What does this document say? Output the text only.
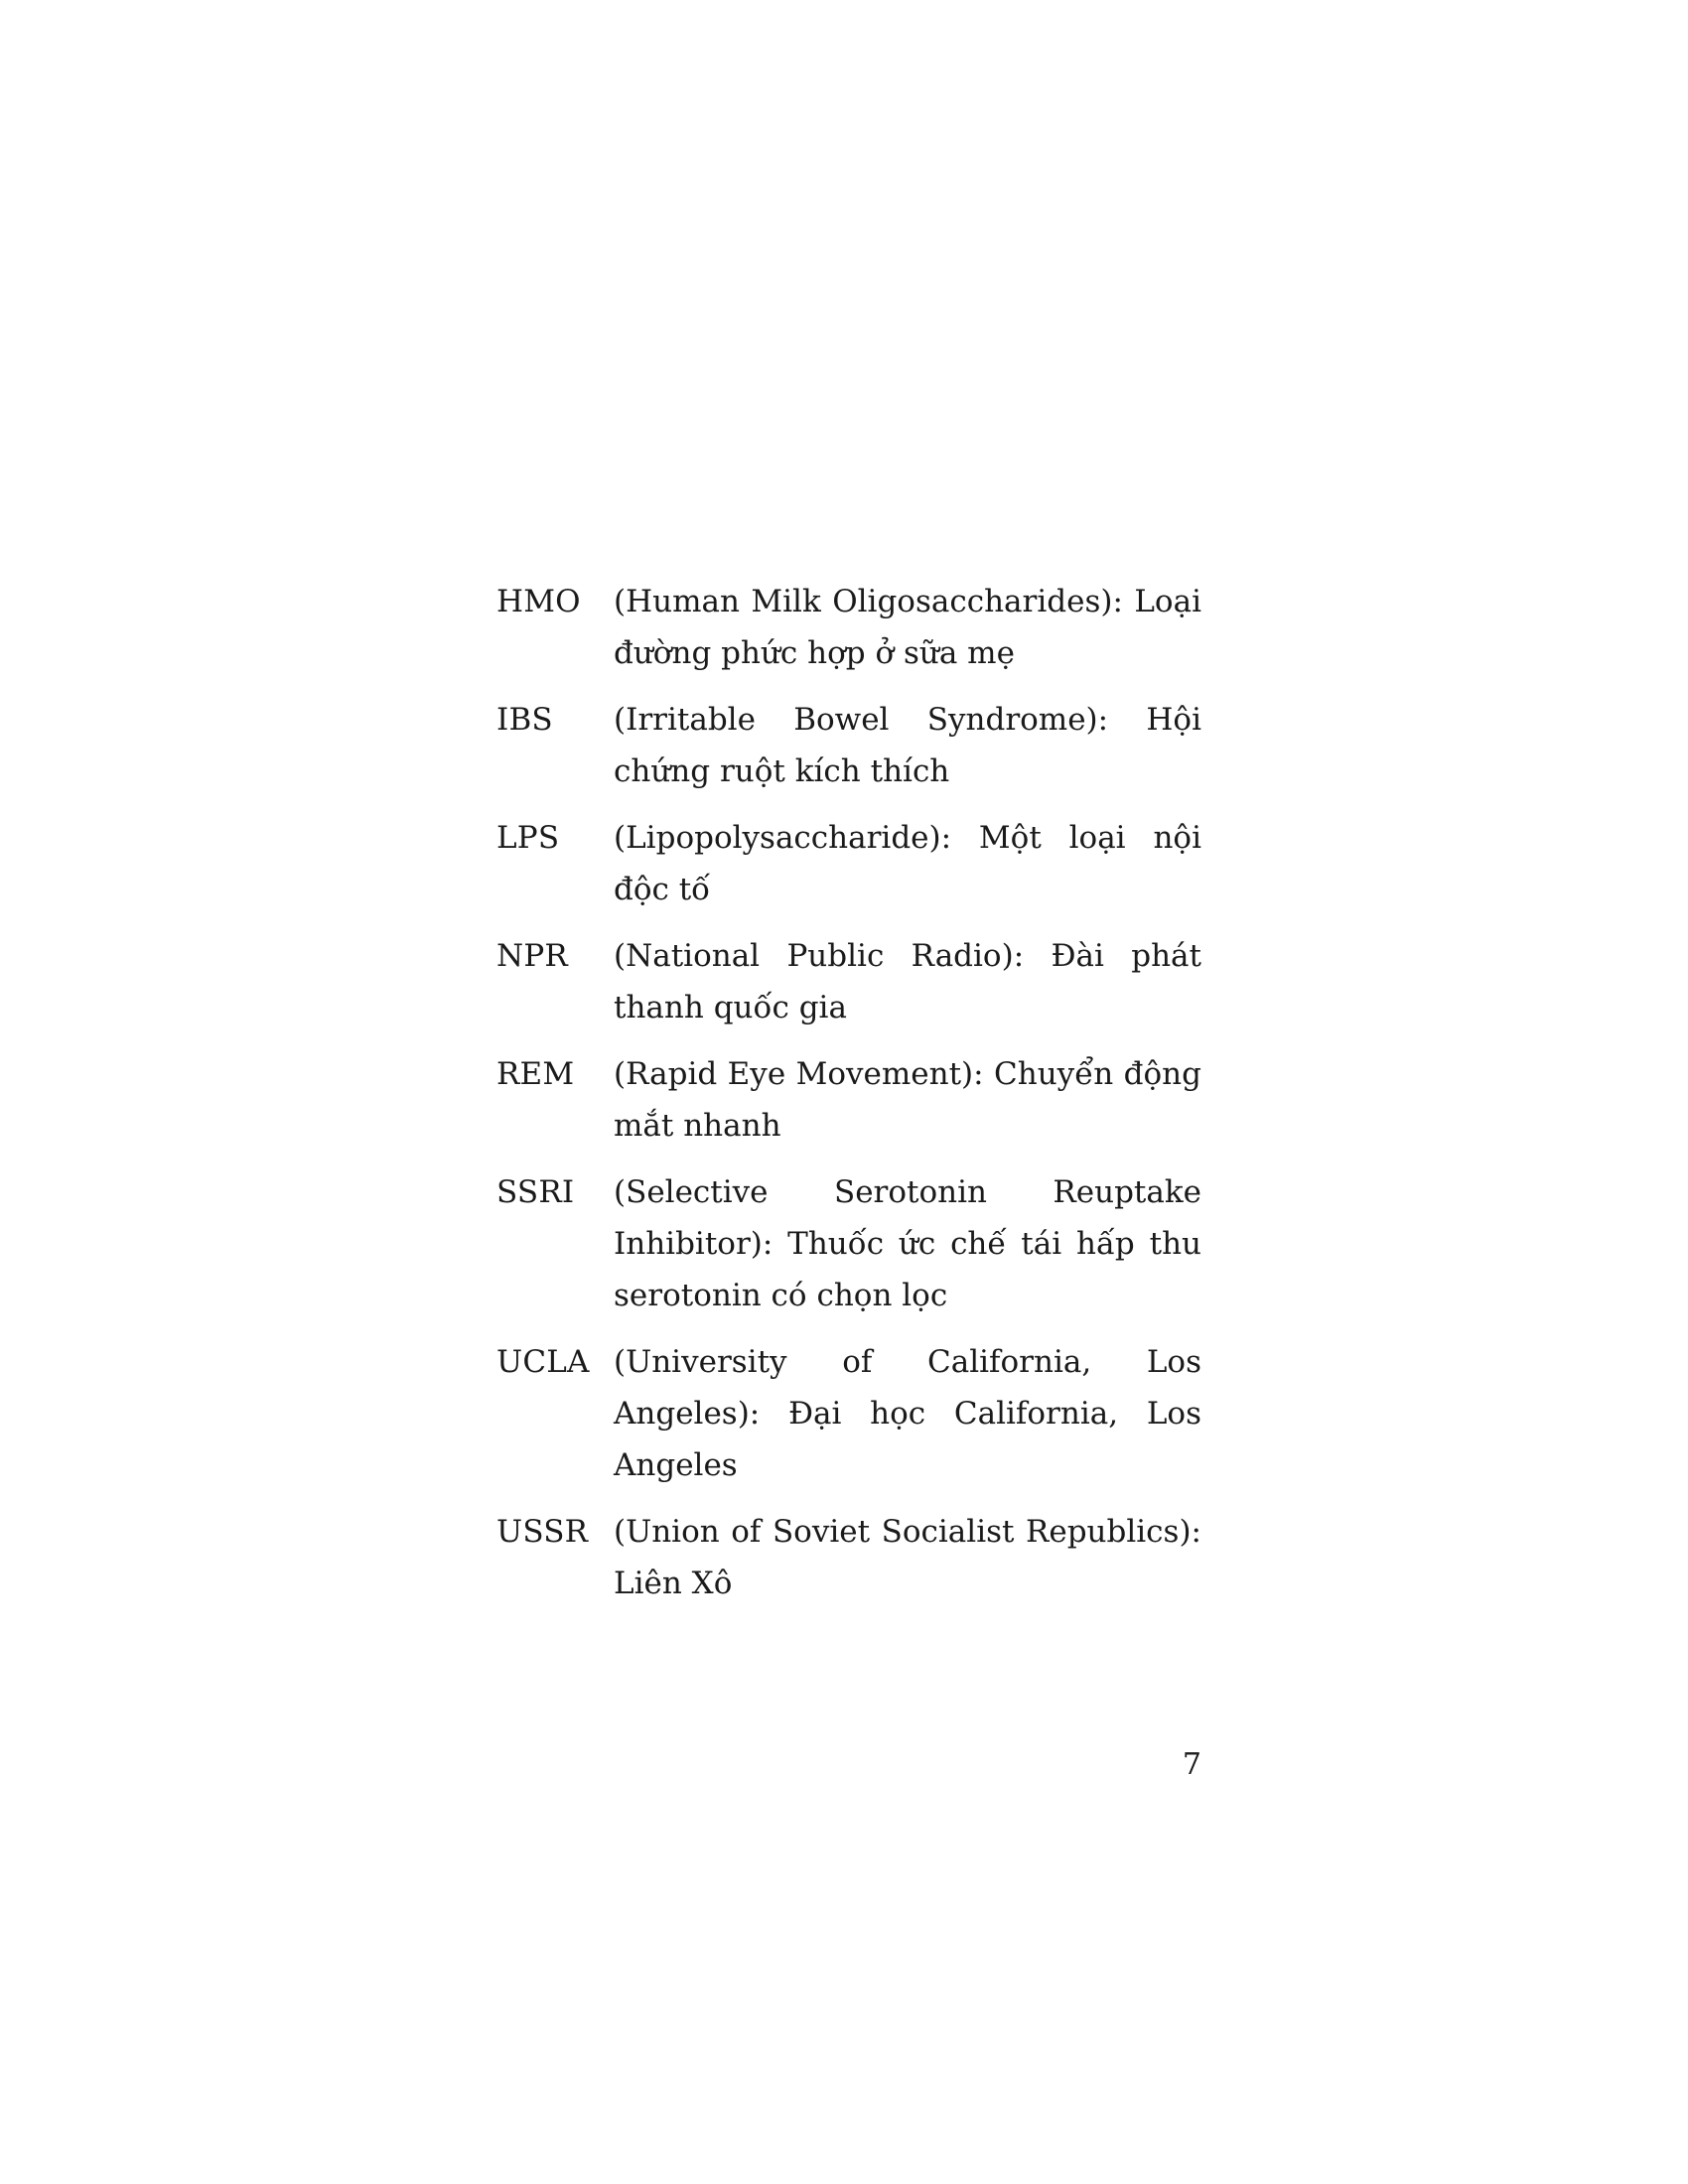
HMO	(Human Milk Oligosaccharides): Loại đường phức hợp ở sữa mẹ
IBS	(Irritable Bowel Syndrome): Hội chứng ruột kích thích
LPS	(Lipopolysaccharide): Một loại nội độc tố
NPR	(National Public Radio): Đài phát thanh quốc gia
REM	(Rapid Eye Movement): Chuyển động mắt nhanh
SSRI	(Selective Serotonin Reuptake Inhibitor): Thuốc ức chế tái hấp thu serotonin có chọn lọc
UCLA (University of California, Los Angeles): Đại học California, Los Angeles
USSR (Union of Soviet Socialist Republics): Liên Xô
7
